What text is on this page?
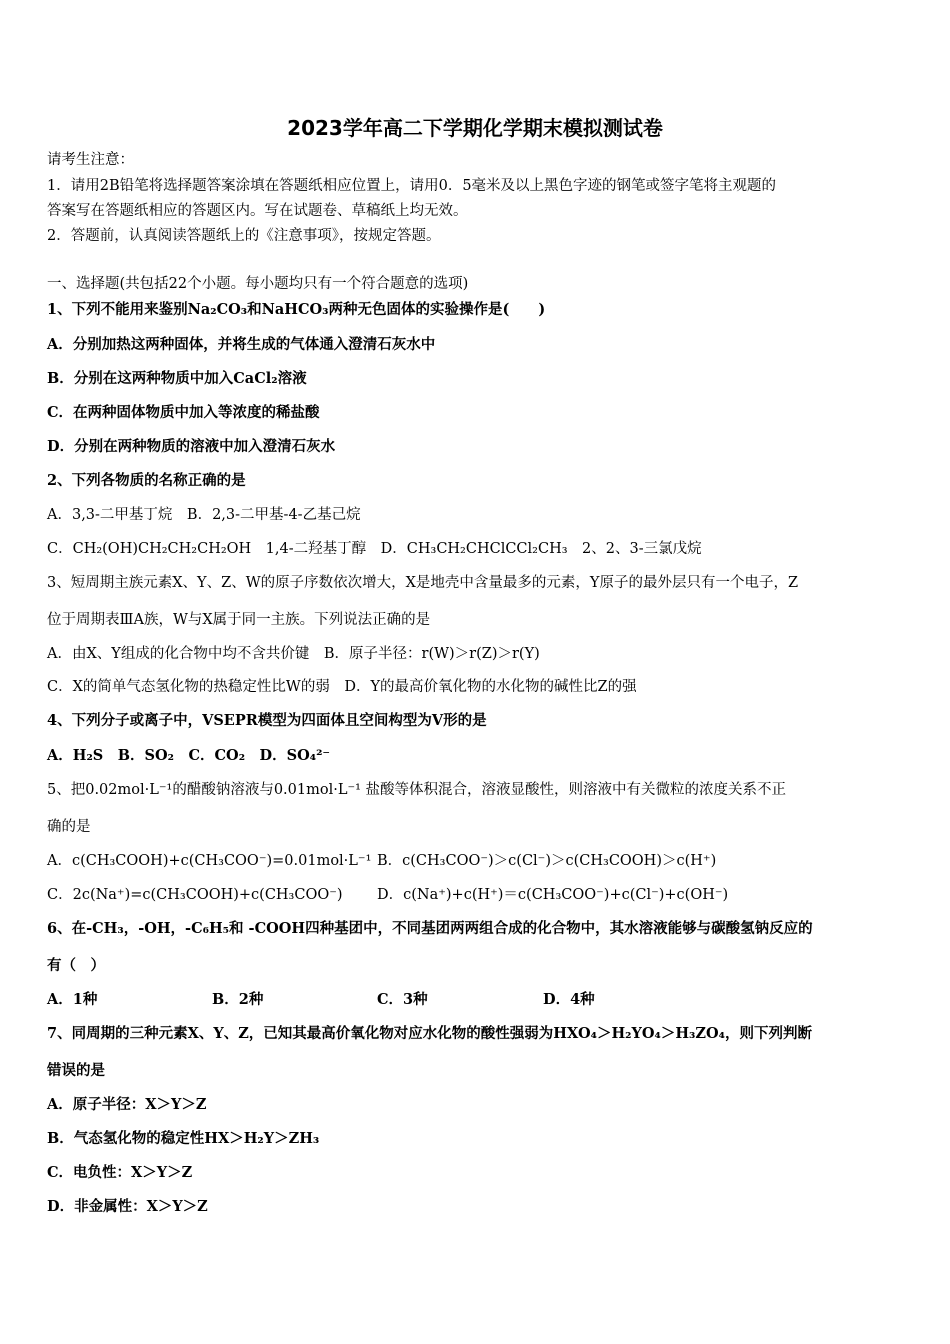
2023学年高二下学期化学期末模拟测试卷
请考生注意：
1．请用2B铅笔将选择题答案涂填在答题纸相应位置上，请用0．5毫米及以上黑色字迹的钢笔或签字笔将主观题的
答案写在答题纸相应的答题区内。写在试题卷、草稿纸上均无效。
2．答题前，认真阅读答题纸上的《注意事项》，按规定答题。
一、选择题(共包括22个小题。每小题均只有一个符合题意的选项)
1、下列不能用来鉴别Na₂CO₃和NaHCO₃两种无色固体的实验操作是(　　)
A．分别加热这两种固体，并将生成的气体通入澄清石灰水中
B．分别在这两种物质中加入CaCl₂溶液
C．在两种固体物质中加入等浓度的稀盐酸
D．分别在两种物质的溶液中加入澄清石灰水
2、下列各物质的名称正确的是
A．3,3-二甲基丁烷　B．2,3-二甲基-4-乙基己烷
C．CH₂(OH)CH₂CH₂CH₂OH　1,4-二羟基丁醇　D．CH₃CH₂CHClCCl₂CH₃　2、2、3-三氯戊烷
3、短周期主族元素X、Y、Z、W的原子序数依次增大，X是地壳中含量最多的元素，Y原子的最外层只有一个电子，Z
位于周期表ⅢA族，W与X属于同一主族。下列说法正确的是
A．由X、Y组成的化合物中均不含共价键　B．原子半径：r(W)＞r(Z)＞r(Y)
C．X的简单气态氢化物的热稳定性比W的弱　D．Y的最高价氧化物的水化物的碱性比Z的强
4、下列分子或离子中，VSEPR模型为四面体且空间构型为V形的是
A．H₂S　B．SO₂　C．CO₂　D．SO₄²⁻
5、把0.02mol·L⁻¹的醋酸钠溶液与0.01mol·L⁻¹ 盐酸等体积混合，溶液显酸性，则溶液中有关微粒的浓度关系不正
确的是
A．c(CH₃COOH)+c(CH₃COO⁻)=0.01mol·L⁻¹ B．c(CH₃COO⁻)＞c(Cl⁻)＞c(CH₃COOH)＞c(H⁺)
C．2c(Na⁺)=c(CH₃COOH)+c(CH₃COO⁻) D．c(Na⁺)+c(H⁺)＝c(CH₃COO⁻)+c(Cl⁻)+c(OH⁻)
6、在-CH₃，-OH，-C₆H₅和 -COOH四种基团中，不同基团两两组合成的化合物中，其水溶液能够与碳酸氢钠反应的
有（　）
A．1种	B．2种	C．3种	D．4种
7、同周期的三种元素X、Y、Z，已知其最高价氧化物对应水化物的酸性强弱为HXO₄＞H₂YO₄＞H₃ZO₄，则下列判断
错误的是
A．原子半径：X＞Y＞Z
B．气态氢化物的稳定性HX＞H₂Y＞ZH₃
C．电负性：X＞Y＞Z
D．非金属性：X＞Y＞Z
